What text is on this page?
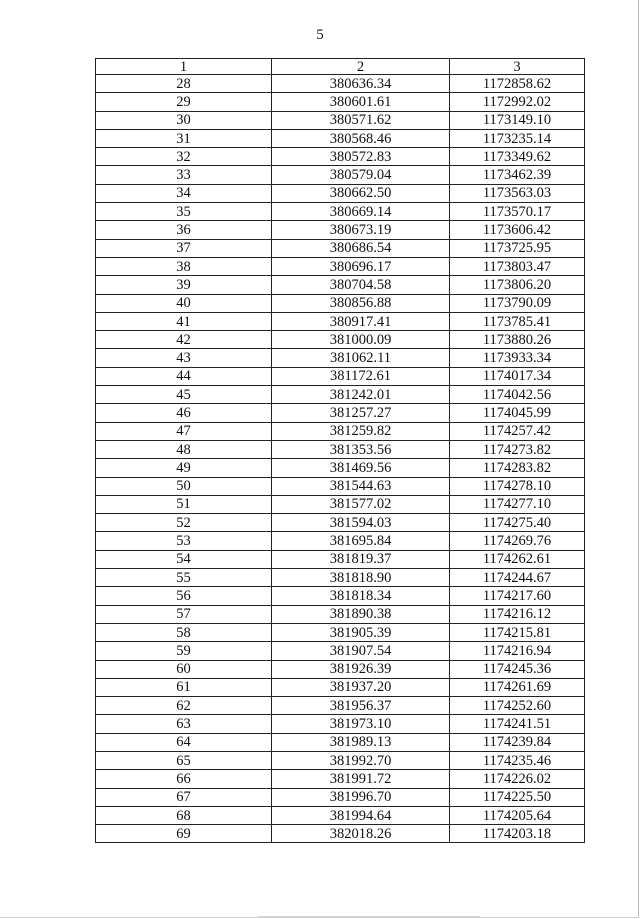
5
1	2	3
28	380636.34	1172858.62
29	380601.61	1172992.02
30	380571.62	1173149.10
31	380568.46	1173235.14
32	380572.83	1173349.62
33	380579.04	1173462.39
34	380662.50	1173563.03
35	380669.14	1173570.17
36	380673.19	1173606.42
37	380686.54	1173725.95
38	380696.17	1173803.47
39	380704.58	1173806.20
40	380856.88	1173790.09
41	380917.41	1173785.41
42	381000.09	1173880.26
43	381062.11	1173933.34
44	381172.61	1174017.34
45	381242.01	1174042.56
46	381257.27	1174045.99
47	381259.82	1174257.42
48	381353.56	1174273.82
49	381469.56	1174283.82
50	381544.63	1174278.10
51	381577.02	1174277.10
52	381594.03	1174275.40
53	381695.84	1174269.76
54	381819.37	1174262.61
55	381818.90	1174244.67
56	381818.34	1174217.60
57	381890.38	1174216.12
58	381905.39	1174215.81
59	381907.54	1174216.94
60	381926.39	1174245.36
61	381937.20	1174261.69
62	381956.37	1174252.60
63	381973.10	1174241.51
64	381989.13	1174239.84
65	381992.70	1174235.46
66	381991.72	1174226.02
67	381996.70	1174225.50
68	381994.64	1174205.64
69	382018.26	1174203.18
